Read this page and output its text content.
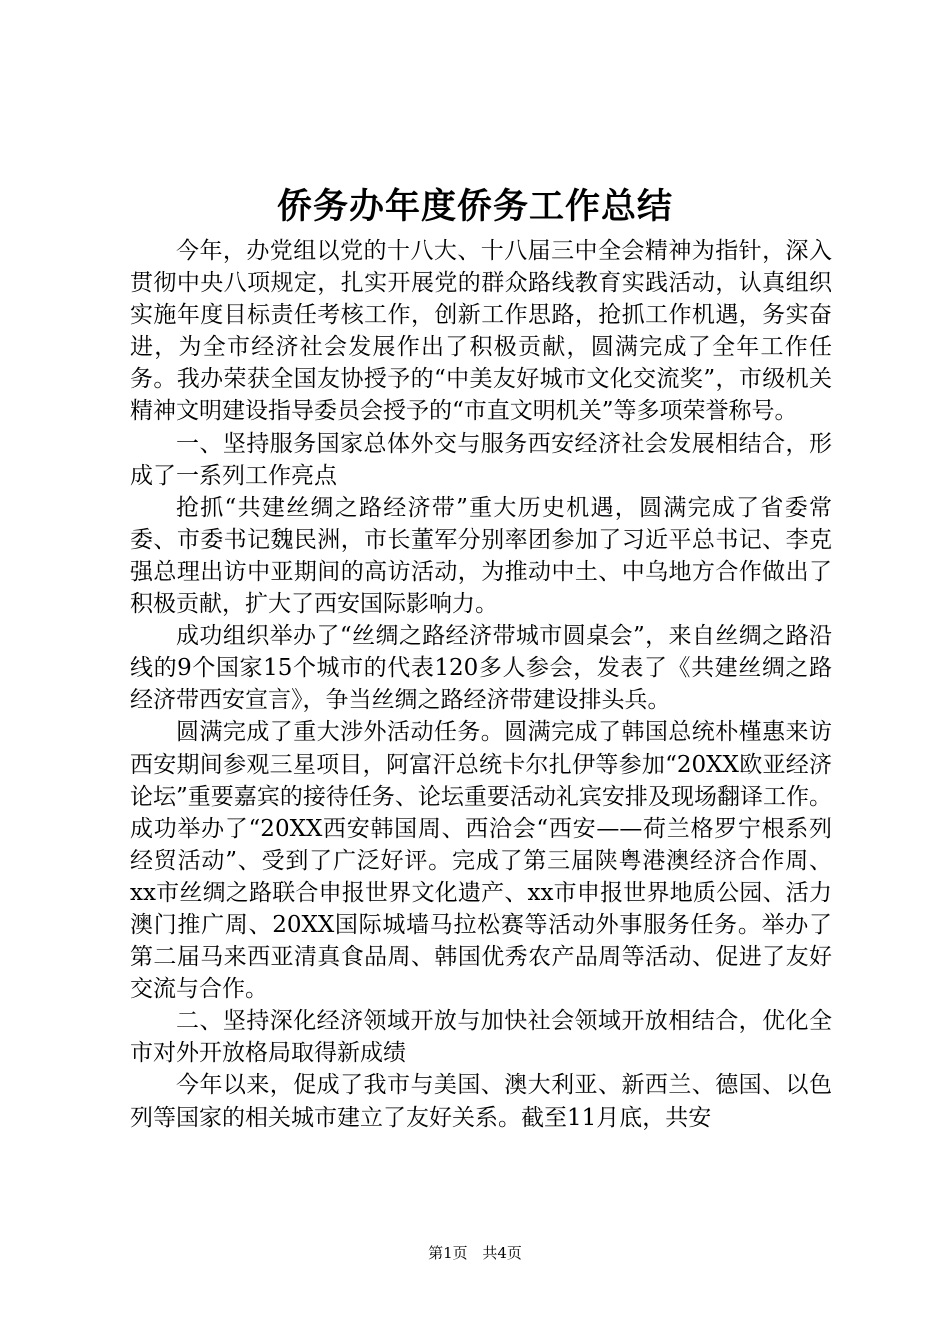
侨务办年度侨务工作总结

今年，办党组以党的十八大、十八届三中全会精神为指针，深入贯彻中央八项规定，扎实开展党的群众路线教育实践活动，认真组织实施年度目标责任考核工作，创新工作思路，抢抓工作机遇，务实奋进，为全市经济社会发展作出了积极贡献，圆满完成了全年工作任务。我办荣获全国友协授予的“中美友好城市文化交流奖”，市级机关精神文明建设指导委员会授予的“市直文明机关”等多项荣誉称号。

一、坚持服务国家总体外交与服务西安经济社会发展相结合，形成了一系列工作亮点

抢抓“共建丝绸之路经济带”重大历史机遇，圆满完成了省委常委、市委书记魏民洲，市长董军分别率团参加了习近平总书记、李克强总理出访中亚期间的高访活动，为推动中土、中乌地方合作做出了积极贡献，扩大了西安国际影响力。

成功组织举办了“丝绸之路经济带城市圆桌会”，来自丝绸之路沿线的9个国家15个城市的代表120多人参会，发表了《共建丝绸之路经济带西安宣言》，争当丝绸之路经济带建设排头兵。

圆满完成了重大涉外活动任务。圆满完成了韩国总统朴槿惠来访西安期间参观三星项目，阿富汗总统卡尔扎伊等参加“20XX欧亚经济论坛”重要嘉宾的接待任务、论坛重要活动礼宾安排及现场翻译工作。成功举办了“20XX西安韩国周、西洽会“西安——荷兰格罗宁根系列经贸活动”、受到了广泛好评。完成了第三届陕粤港澳经济合作周、xx市丝绸之路联合申报世界文化遗产、xx市申报世界地质公园、活力澳门推广周、20XX国际城墙马拉松赛等活动外事服务任务。举办了第二届马来西亚清真食品周、韩国优秀农产品周等活动、促进了友好交流与合作。

二、坚持深化经济领域开放与加快社会领域开放相结合，优化全市对外开放格局取得新成绩

今年以来，促成了我市与美国、澳大利亚、新西兰、德国、以色列等国家的相关城市建立了友好关系。截至11月底，共安

第1页 共4页
